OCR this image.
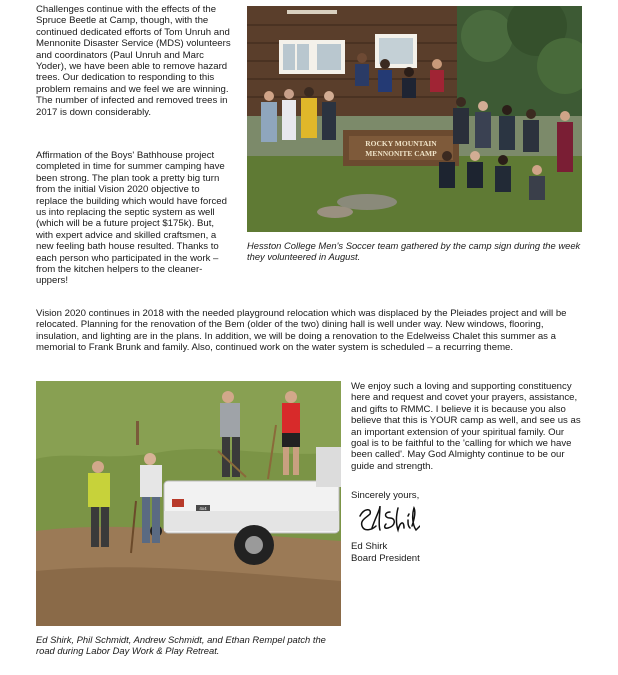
Challenges continue with the effects of the Spruce Beetle at Camp, though, with the continued dedicated efforts of Tom Unruh and Mennonite Disaster Service (MDS) volunteers and coordinators (Paul Unruh and Marc Yoder), we have been able to remove hazard trees. Our dedication to responding to this problem remains and we feel we are winning. The number of infected and removed trees in 2017 is down considerably.

Affirmation of the Boys' Bathhouse project completed in time for summer camping have been strong. The plan took a pretty big turn from the initial Vision 2020 objective to replace the building which would have forced us into replacing the septic system as well (which will be a future project $175k). But, with expert advice and skilled craftsmen, a new feeling bath house resulted. Thanks to each person who participated in the work – from the kitchen helpers to the cleaner-uppers!

ROCKY MOUNTAIN
MENNONITE CAMP

Hesston College Men's Soccer team gathered by the camp sign during the week they volunteered in August.

Vision 2020 continues in 2018 with the needed playground relocation which was displaced by the Pleiades project and will be relocated. Planning for the renovation of the Bem (older of the two) dining hall is well under way. New windows, flooring, insulation, and lighting are in the plans. In addition, we will be doing a renovation to the Edelweiss Chalet this summer as a memorial to Frank Brunk and family. Also, continued work on the water system is scheduled – a recurring theme.

4x4

Ed Shirk, Phil Schmidt, Andrew Schmidt, and Ethan Rempel patch the road during Labor Day Work & Play Retreat.

We enjoy such a loving and supporting constituency here and request and covet your prayers, assistance, and gifts to RMMC. I believe it is because you also believe that this is YOUR camp as well, and see us as an important extension of your spiritual family. Our goal is to be faithful to the 'calling for which we have been called'. May God Almighty continue to be our guide and strength.

Sincerely yours,

Ed Shirk

Board President
